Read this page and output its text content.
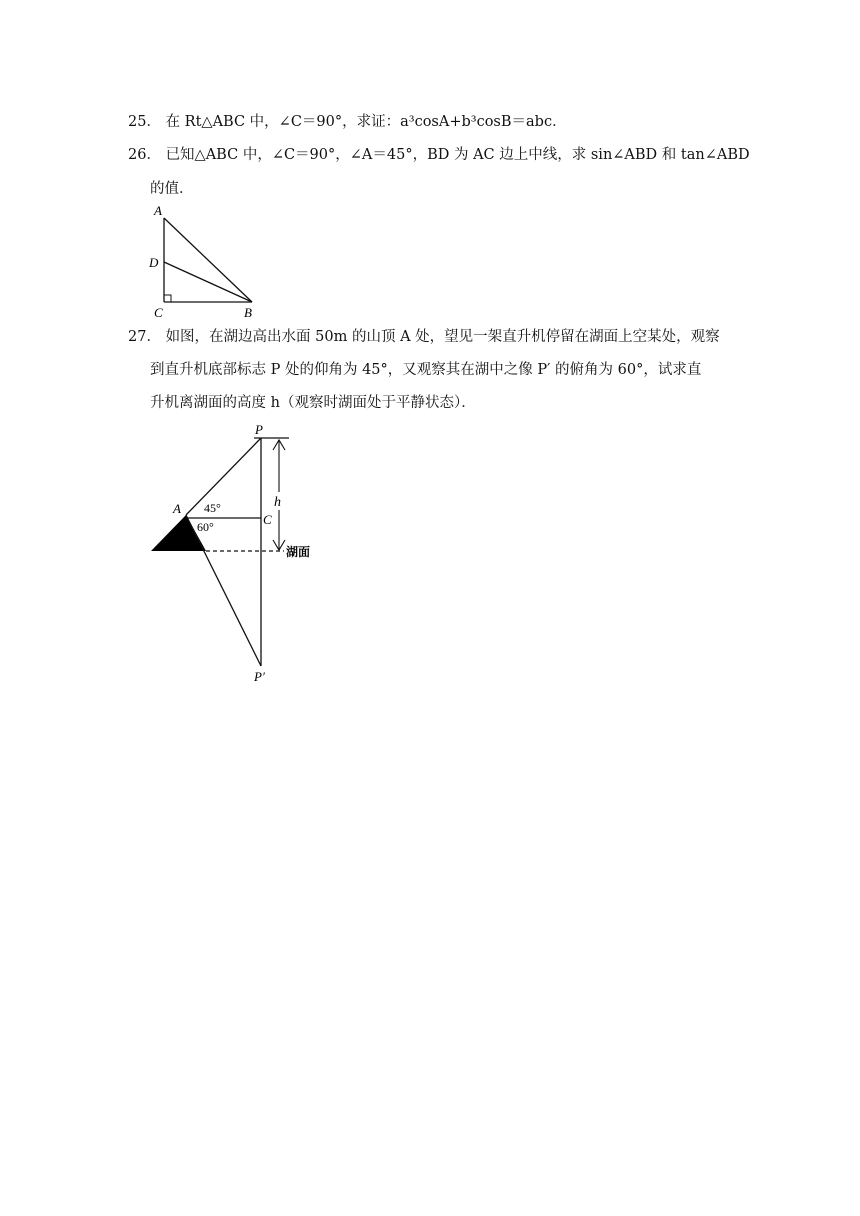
25． 在 Rt△ABC 中，∠C＝90°，求证：a³cosA+b³cosB＝abc．
26． 已知△ABC 中，∠C＝90°，∠A＝45°，BD 为 AC 边上中线，求 sin∠ABD 和 tan∠ABD
的值．
A
D
C	B
27． 如图，在湖边高出水面 50m 的山顶 A 处，望见一架直升机停留在湖面上空某处，观察
到直升机底部标志 P 处的仰角为 45°，又观察其在湖中之像 P′ 的俯角为 60°，试求直
升机离湖面的高度 h（观察时湖面处于平静状态）．
h
P
A
C
P′
45°
60°
湖面
